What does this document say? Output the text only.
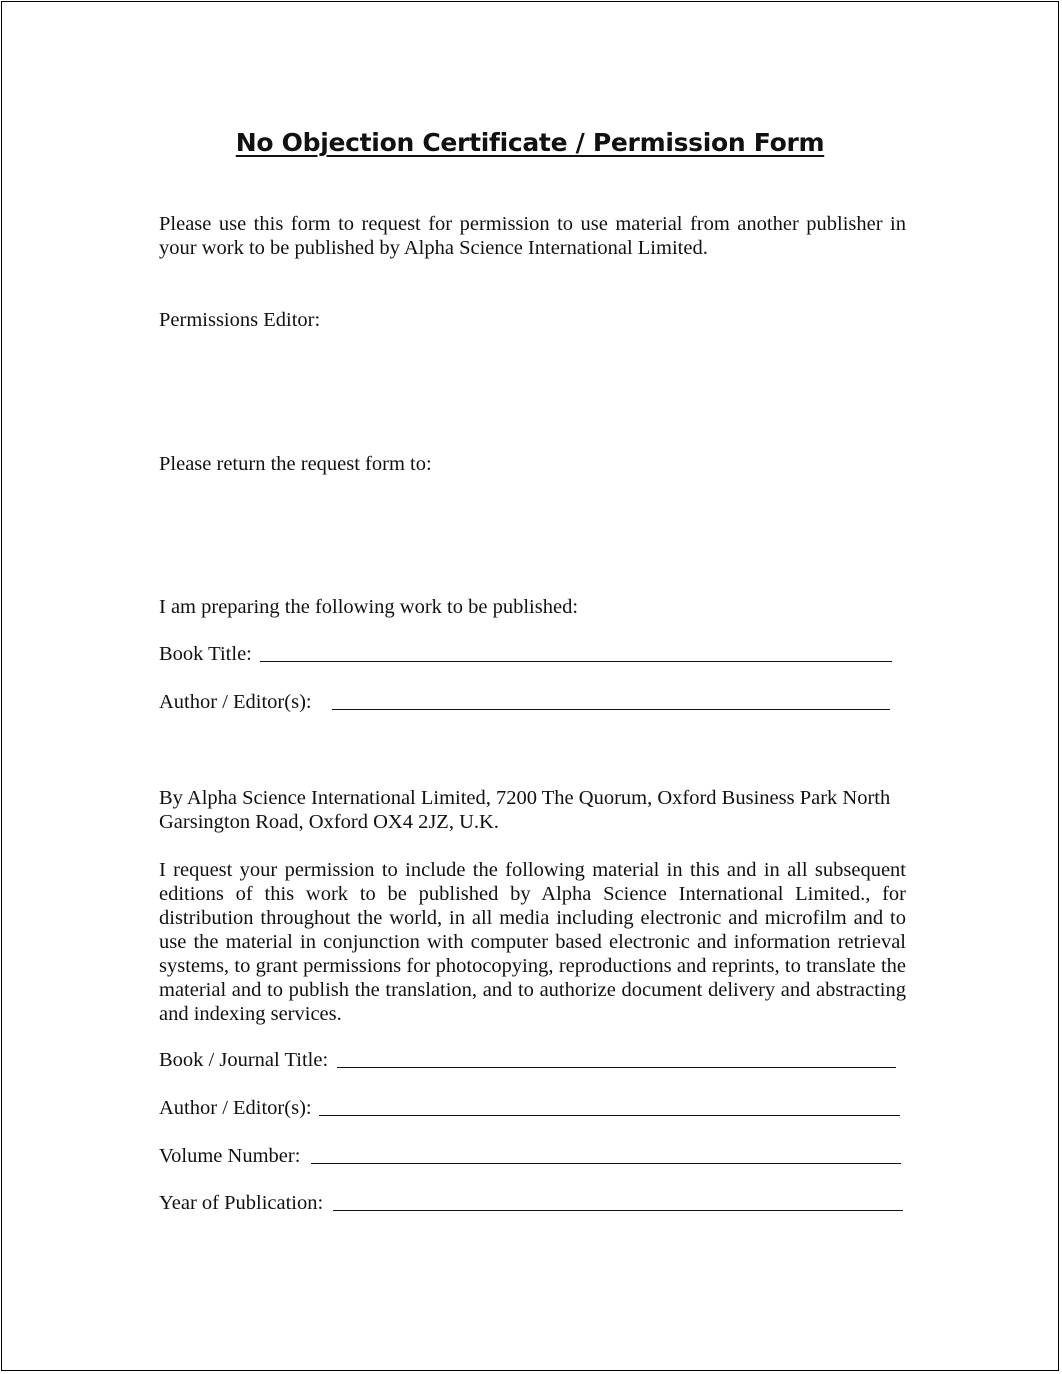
No Objection Certificate / Permission Form
Please use this form to request for permission to use material from another publisher in your work to be published by Alpha Science International Limited.
Permissions Editor:
Please return the request form to:
I am preparing the following work to be published:
Book Title:
Author / Editor(s):
By Alpha Science International Limited, 7200 The Quorum, Oxford Business Park North
Garsington Road, Oxford OX4 2JZ, U.K.
I request your permission to include the following material in this and in all subsequent editions of this work to be published by Alpha Science International Limited., for distribution throughout the world, in all media including electronic and microfilm and to use the material in conjunction with computer based electronic and information retrieval systems, to grant permissions for photocopying, reproductions and reprints, to translate the material and to publish the translation, and to authorize document delivery and abstracting and indexing services.
Book / Journal Title:
Author / Editor(s):
Volume Number:
Year of Publication:
